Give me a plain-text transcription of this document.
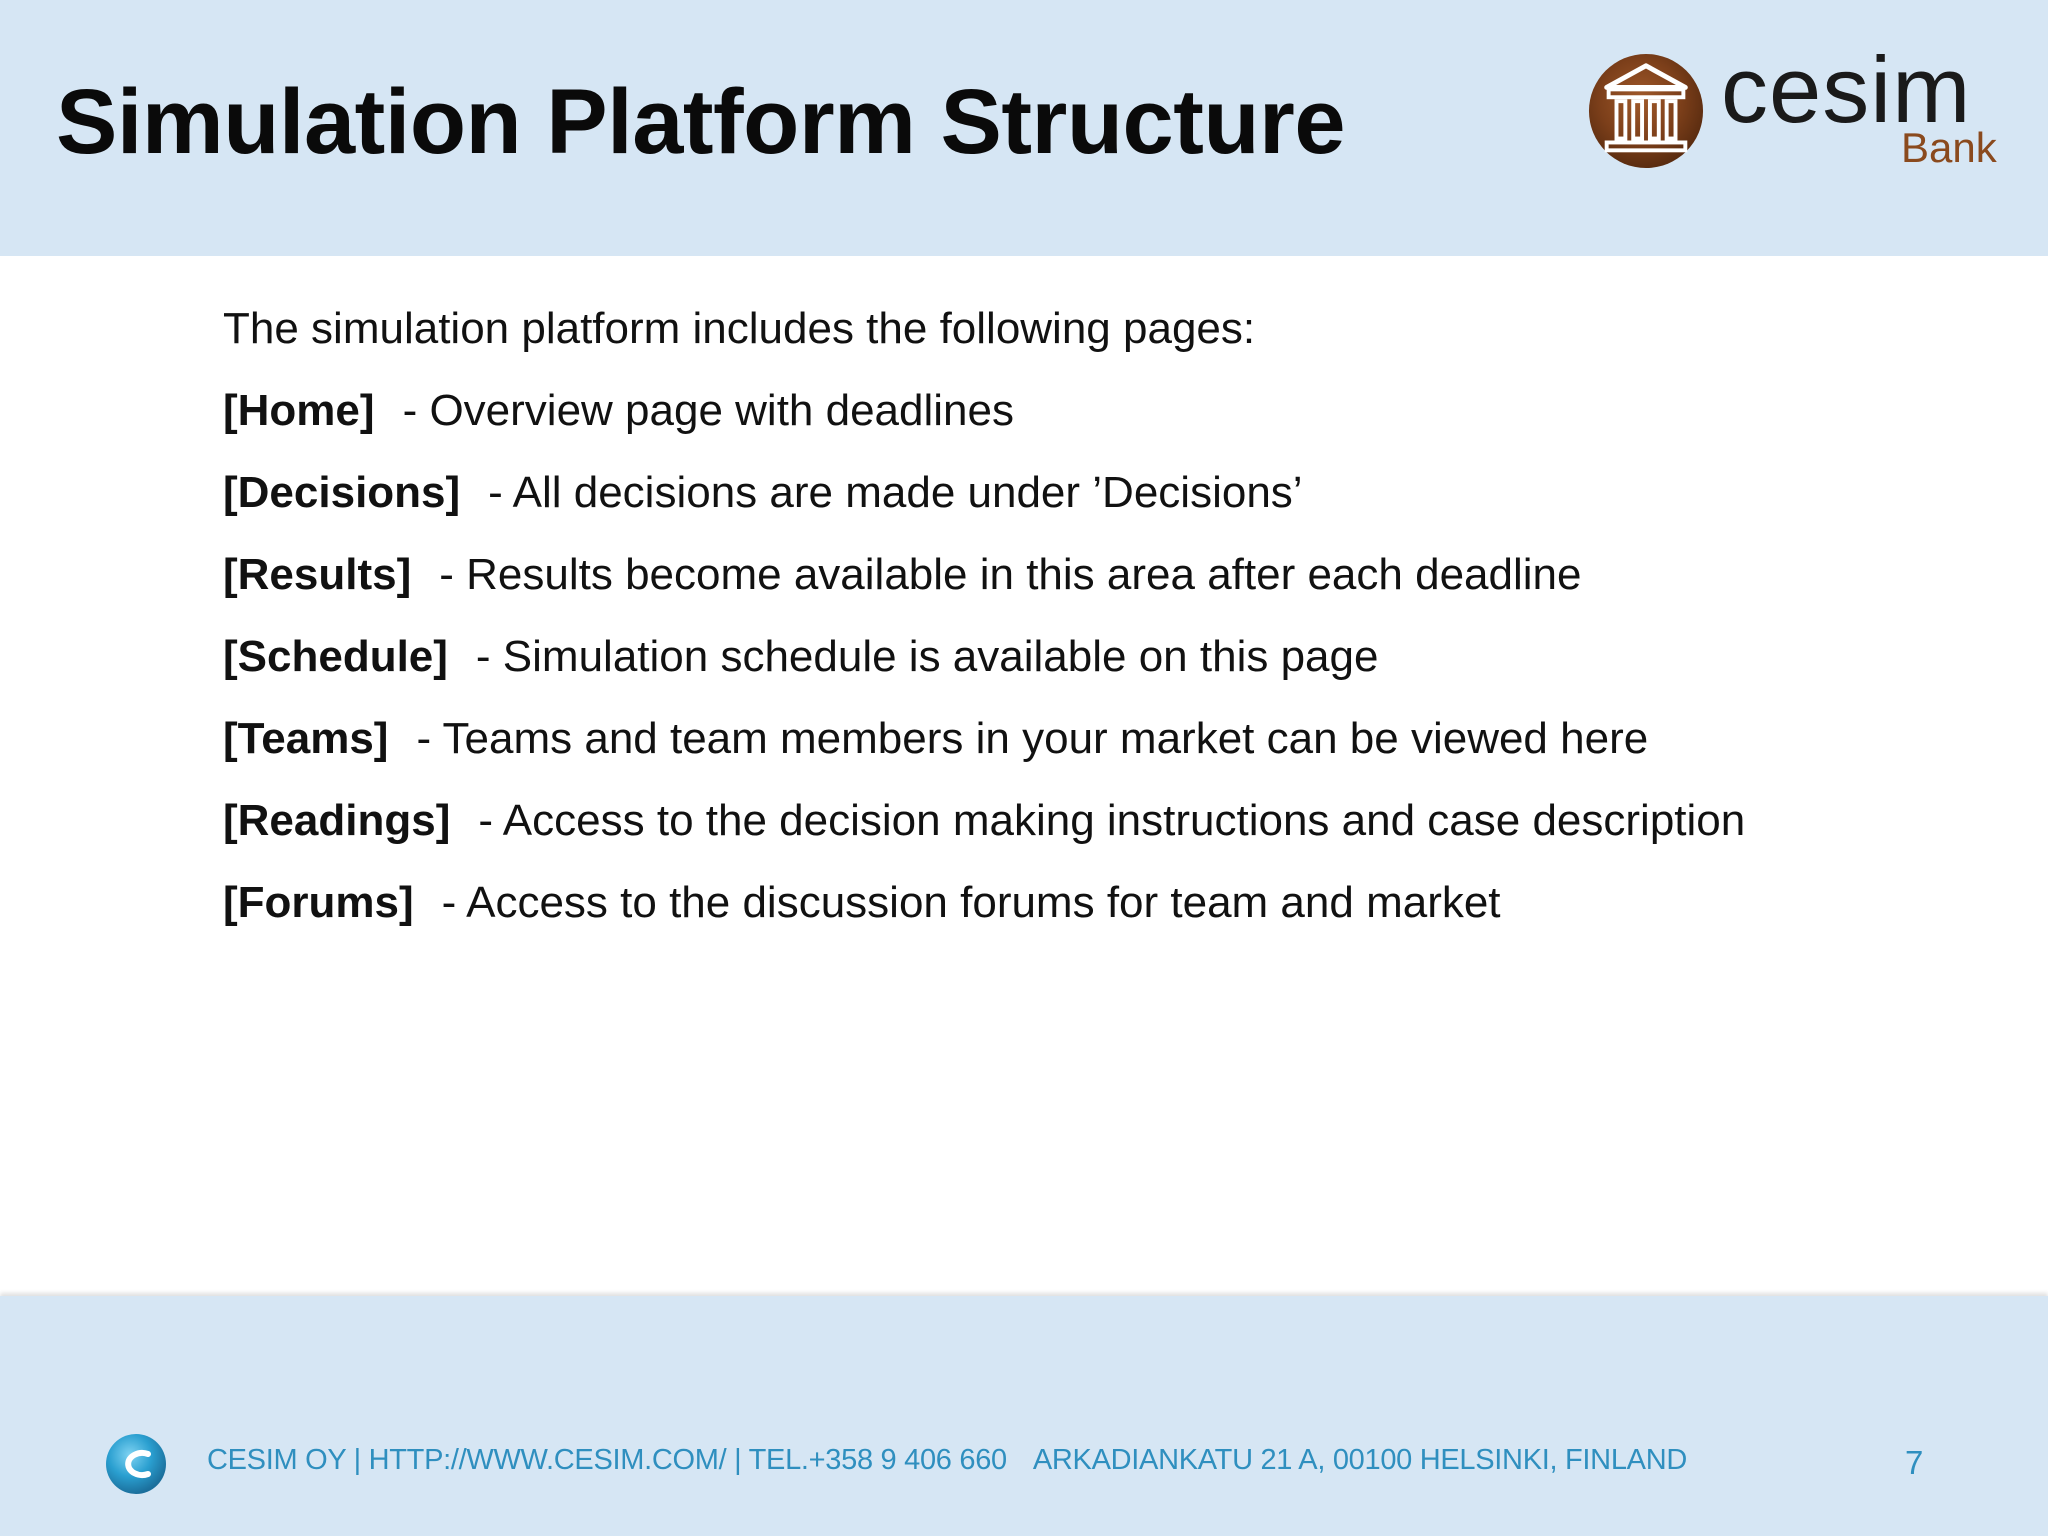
Simulation Platform Structure	cesim
Bank
The simulation platform includes the following pages:
[Home] - Overview page with deadlines
[Decisions] - All decisions are made under ’Decisions’
[Results] - Results become available in this area after each deadline
[Schedule] - Simulation schedule is available on this page
[Teams] - Teams and team members in your market can be viewed here
[Readings] - Access to the decision making instructions and case description
[Forums] - Access to the discussion forums for team and market
CESIM OY | HTTP://WWW.CESIM.COM/ | TEL.+358 9 406 660 ARKADIANKATU 21 A, 00100 HELSINKI, FINLAND	7
